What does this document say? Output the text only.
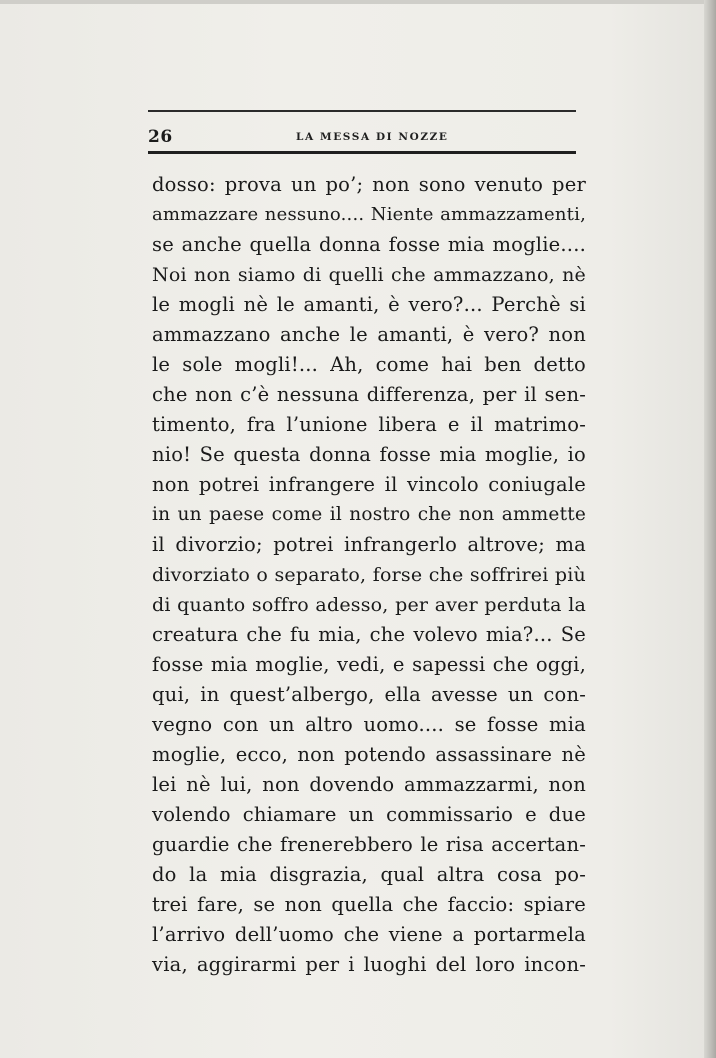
26	LA MESSA DI NOZZE
dosso: prova un po’; non sono venuto per
ammazzare nessuno.... Niente ammazzamenti,
se anche quella donna fosse mia moglie....
Noi non siamo di quelli che ammazzano, nè
le mogli nè le amanti, è vero?... Perchè si
ammazzano anche le amanti, è vero? non
le sole mogli!... Ah, come hai ben detto
che non c’è nessuna differenza, per il sen-
timento, fra l’unione libera e il matrimo-
nio! Se questa donna fosse mia moglie, io
non potrei infrangere il vincolo coniugale
in un paese come il nostro che non ammette
il divorzio; potrei infrangerlo altrove; ma
divorziato o separato, forse che soffrirei più
di quanto soffro adesso, per aver perduta la
creatura che fu mia, che volevo mia?... Se
fosse mia moglie, vedi, e sapessi che oggi,
qui, in quest’albergo, ella avesse un con-
vegno con un altro uomo.... se fosse mia
moglie, ecco, non potendo assassinare nè
lei nè lui, non dovendo ammazzarmi, non
volendo chiamare un commissario e due
guardie che frenerebbero le risa accertan-
do la mia disgrazia, qual altra cosa po-
trei fare, se non quella che faccio: spiare
l’arrivo dell’uomo che viene a portarmela
via, aggirarmi per i luoghi del loro incon-
